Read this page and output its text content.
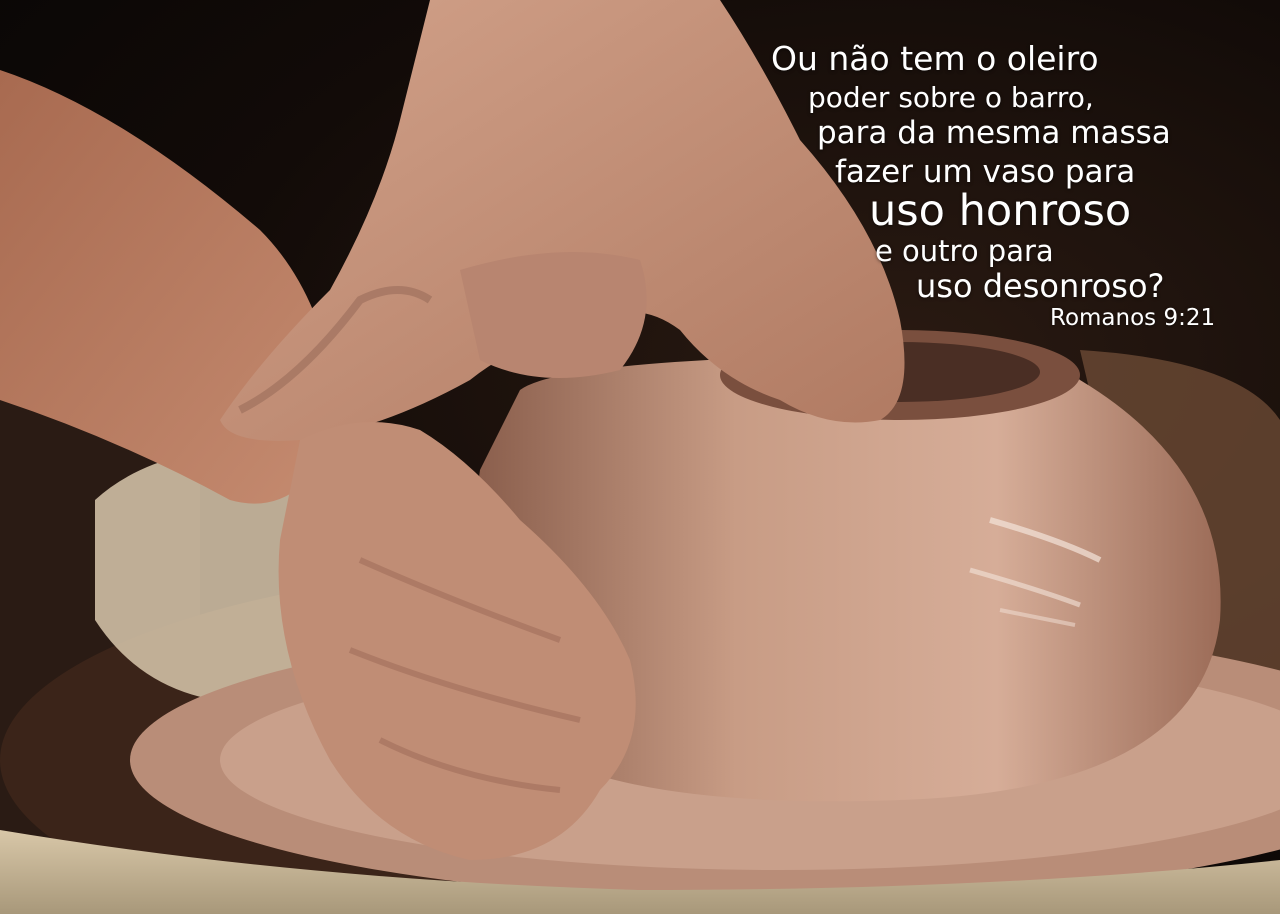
Ou não tem o oleiro
poder sobre o barro,
para da mesma massa
fazer um vaso para
uso honroso
e outro para
uso desonroso?
Romanos 9:21
